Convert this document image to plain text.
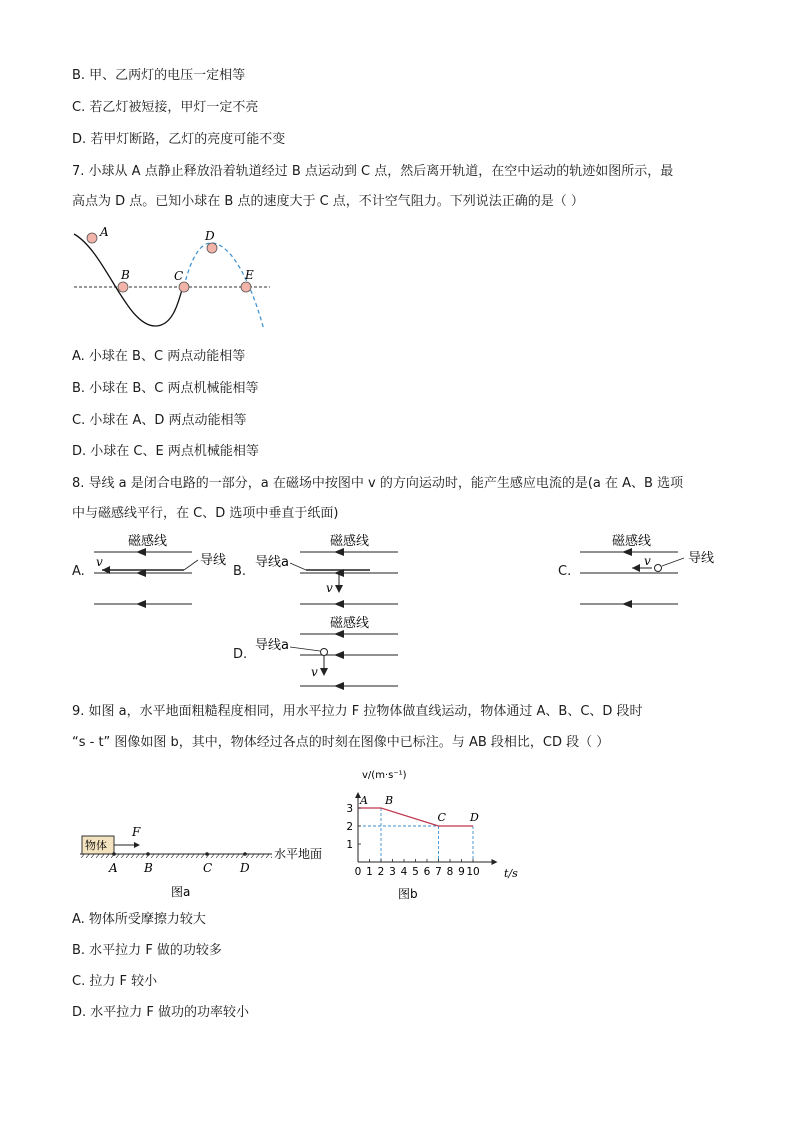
B. 甲、乙两灯的电压一定相等
C. 若乙灯被短接，甲灯一定不亮
D. 若甲灯断路，乙灯的亮度可能不变
7. 小球从 A 点静止释放沿着轨道经过 B 点运动到 C 点，然后离开轨道，在空中运动的轨迹如图所示，最
高点为 D 点。已知小球在 B 点的速度大于 C 点，不计空气阻力。下列说法正确的是（ ）
A
B	C
D
E
A. 小球在 B、C 两点动能相等
B. 小球在 B、C 两点机械能相等
C. 小球在 A、D 两点动能相等
D. 小球在 C、E 两点机械能相等
8. 导线 a 是闭合电路的一部分，a 在磁场中按图中 v 的方向运动时，能产生感应电流的是(a 在 A、B 选项
中与磁感线平行，在 C、D 选项中垂直于纸面)
A.
磁感线
v	导线
B.
磁感线
导线a
v
C.
磁感线
v	导线
D.
磁感线
导线a
v
9. 如图 a，水平地面粗糙程度相同，用水平拉力 F 拉物体做直线运动，物体通过 A、B、C、D 段时
“s - t” 图像如图 b，其中，物体经过各点的时刻在图像中已标注。与 AB 段相比，CD 段（ ）
物体
F
水平地面
A B	C D
图a
A B
C D
0 1 2 3 4 5 6 7 8 9 10
1
2
3
v/(m·s⁻¹)
t/s
图b
A. 物体所受摩擦力较大
B. 水平拉力 F 做的功较多
C. 拉力 F 较小
D. 水平拉力 F 做功的功率较小
